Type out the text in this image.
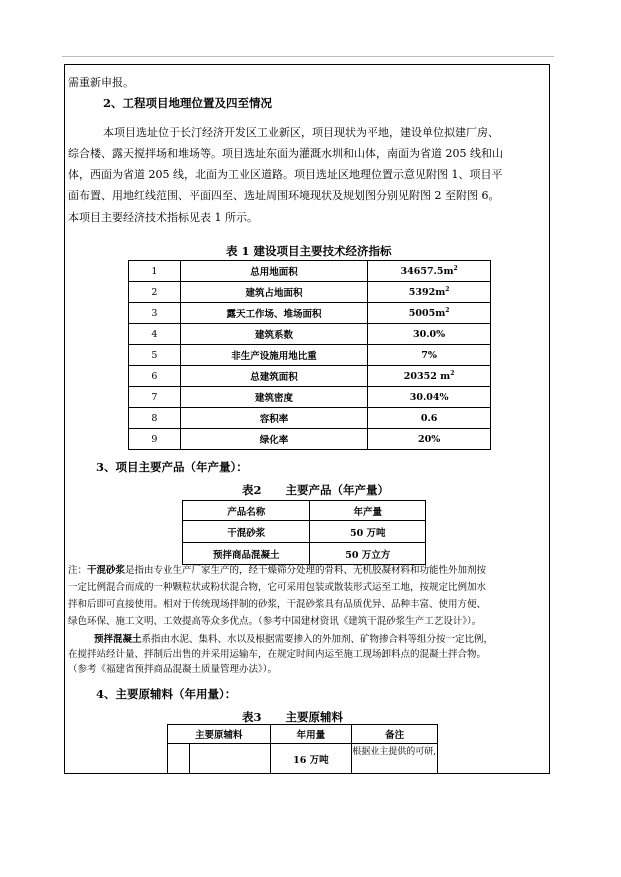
需重新申报。
2、工程项目地理位置及四至情况
本项目选址位于长汀经济开发区工业新区，项目现状为平地，建设单位拟建厂房、
综合楼、露天搅拌场和堆场等。项目选址东面为灌溉水圳和山体，南面为省道 205 线和山
体，西面为省道 205 线，北面为工业区道路。项目选址区地理位置示意见附图 1、项目平
面布置、用地红线范围、平面四至、选址周围环境现状及规划图分别见附图 2 至附图 6。
本项目主要经济技术指标见表 1 所示。
表 1 建设项目主要技术经济指标
1	总用地面积	$34657.5m^2$
2	建筑占地面积	$5392m^2$
3	露天工作场、堆场面积	$5005m^2$
4	建筑系数	30.0%
5	非生产设施用地比重	7%
6	总建筑面积	20352 $m^2$
7	建筑密度	30.04%
8	容积率	0.6
9	绿化率	20%
3、项目主要产品（年产量）：
表2      主要产品（年产量）
产品名称	年产量
干混砂浆	50 万吨
预拌商品混凝土	50 万立方
注：干混砂浆是指由专业生产厂家生产的，经干燥筛分处理的骨料、无机胶凝材料和功能性外加剂按
一定比例混合而成的一种颗粒状或粉状混合物，它可采用包装或散装形式运至工地，按规定比例加水
拌和后即可直接使用。相对于传统现场拌制的砂浆，干混砂浆具有品质优异、品种丰富、使用方便、
绿色环保、施工文明、工效提高等众多优点。（参考中国建材资讯《建筑干混砂浆生产工艺设计》）。
预拌混凝土系指由水泥、集料、水以及根据需要掺入的外加剂、矿物掺合料等组分按一定比例，
在搅拌站经计量、拌制后出售的并采用运输车，在规定时间内运至施工现场卸料点的混凝土拌合物。
（参考《福建省预拌商品混凝土质量管理办法》）。
4、主要原辅料（年用量）：
表3      主要原辅料
主要原辅料		年用量	备注
		16 万吨	根据业主提供的可研,
